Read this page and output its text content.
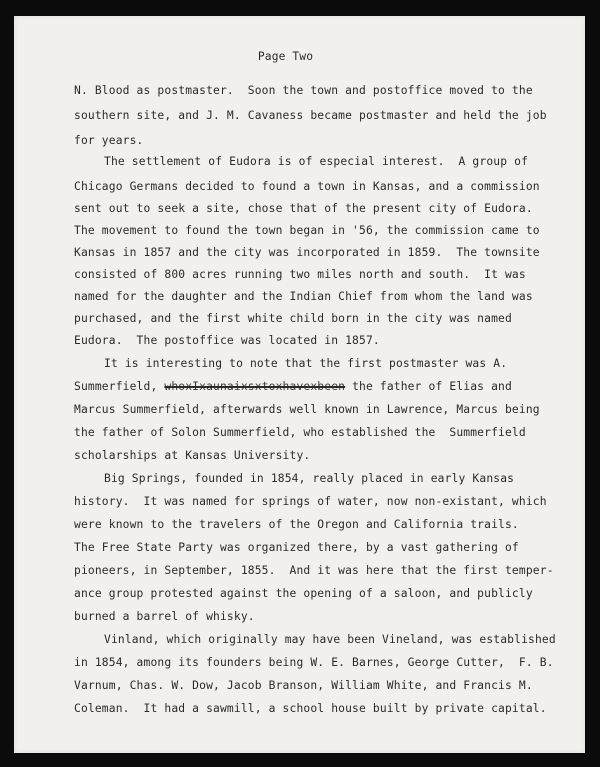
Page Two
N. Blood as postmaster.  Soon the town and postoffice moved to the
southern site, and J. M. Cavaness became postmaster and held the job
for years.
The settlement of Eudora is of especial interest.  A group of
Chicago Germans decided to found a town in Kansas, and a commission
sent out to seek a site, chose that of the present city of Eudora.
The movement to found the town began in '56, the commission came to
Kansas in 1857 and the city was incorporated in 1859.  The townsite
consisted of 800 acres running two miles north and south.  It was
named for the daughter and the Indian Chief from whom the land was
purchased, and the first white child born in the city was named
Eudora.  The postoffice was located in 1857.
It is interesting to note that the first postmaster was A.
Summerfield, whoxIxaunaixsxtoxhavexbeen the father of Elias and
Marcus Summerfield, afterwards well known in Lawrence, Marcus being
the father of Solon Summerfield, who established the  Summerfield
scholarships at Kansas University.
Big Springs, founded in 1854, really placed in early Kansas
history.  It was named for springs of water, now non-existant, which
were known to the travelers of the Oregon and California trails.
The Free State Party was organized there, by a vast gathering of
pioneers, in September, 1855.  And it was here that the first temper-
ance group protested against the opening of a saloon, and publicly
burned a barrel of whisky.
Vinland, which originally may have been Vineland, was established
in 1854, among its founders being W. E. Barnes, George Cutter,  F. B.
Varnum, Chas. W. Dow, Jacob Branson, William White, and Francis M.
Coleman.  It had a sawmill, a school house built by private capital.
